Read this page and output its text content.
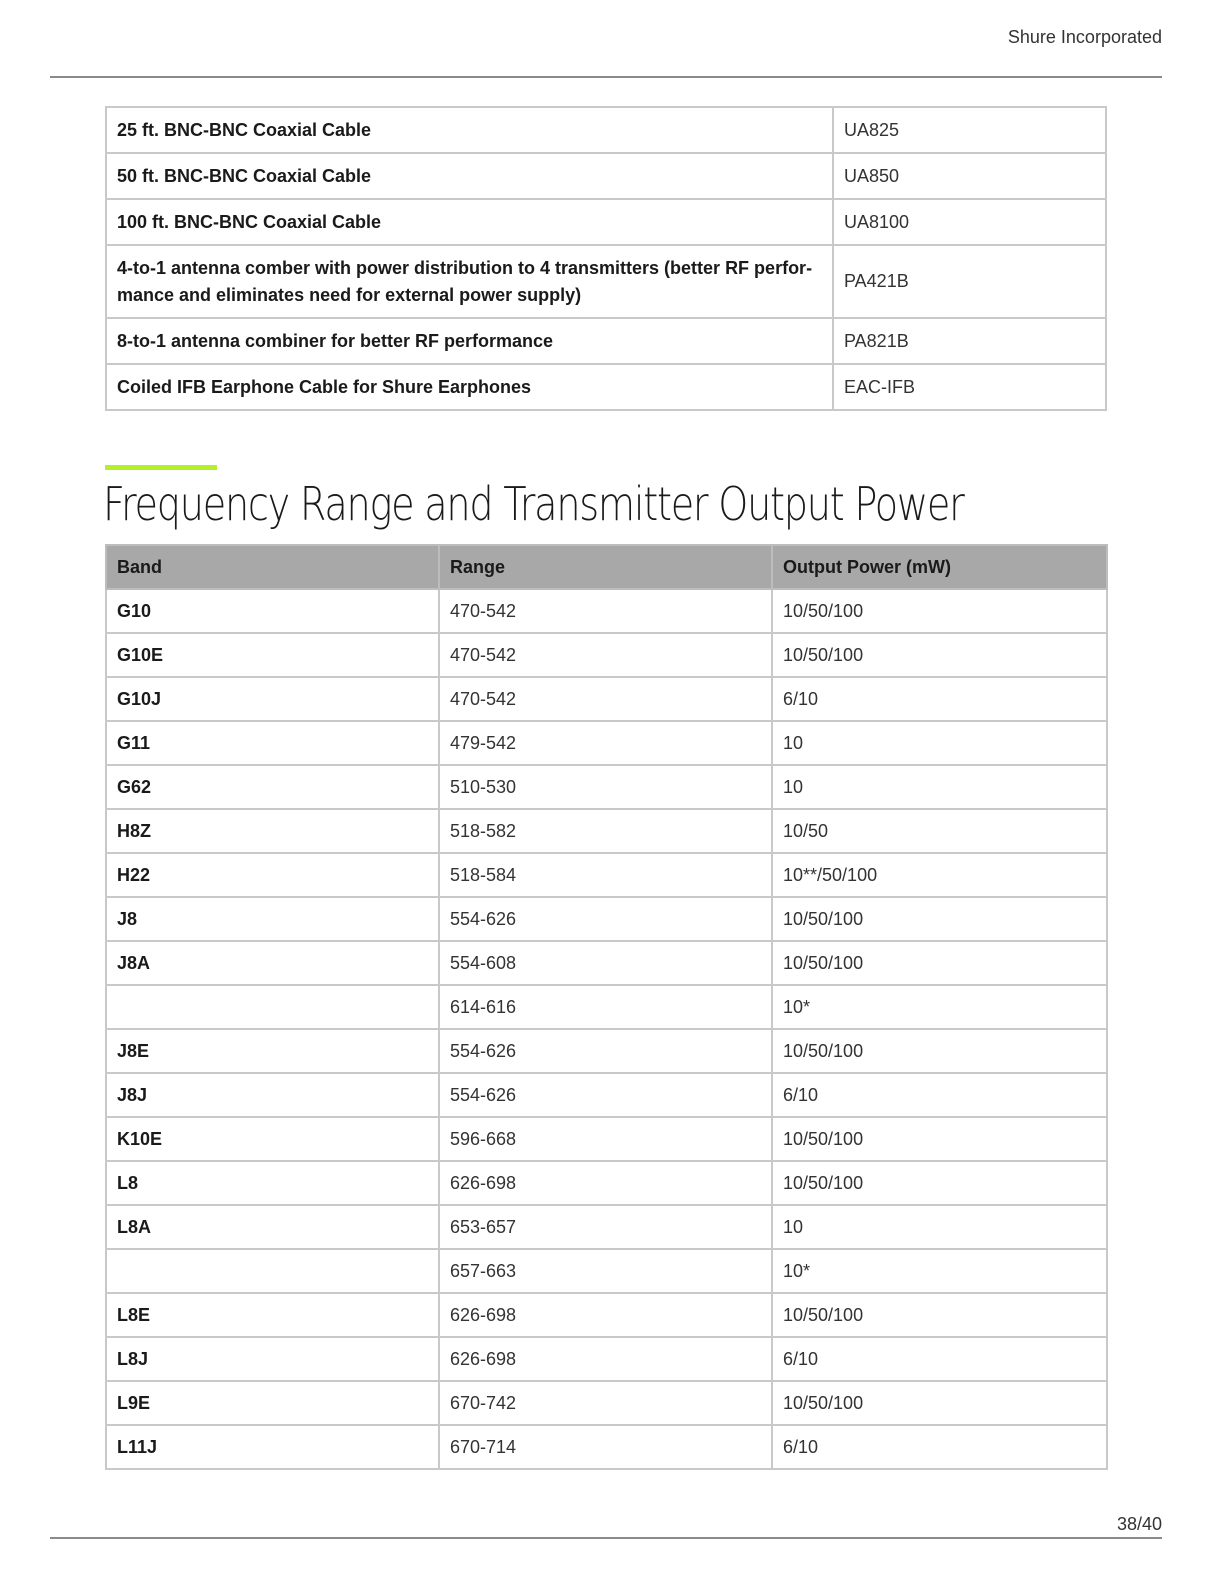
Shure Incorporated
25 ft. BNC-BNC Coaxial Cable	UA825
50 ft. BNC-BNC Coaxial Cable	UA850
100 ft. BNC-BNC Coaxial Cable	UA8100
4-to-1 antenna comber with power distribution to 4 transmitters (better RF perfor-mance and eliminates need for external power supply)	PA421B
8-to-1 antenna combiner for better RF performance	PA821B
Coiled IFB Earphone Cable for Shure Earphones	EAC-IFB
Frequency Range and Transmitter Output Power
Band	Range	Output Power (mW)
G10	470-542	10/50/100
G10E	470-542	10/50/100
G10J	470-542	6/10
G11	479-542	10
G62	510-530	10
H8Z	518-582	10/50
H22	518-584	10**/50/100
J8	554-626	10/50/100
J8A	554-608	10/50/100
	614-616	10*
J8E	554-626	10/50/100
J8J	554-626	6/10
K10E	596-668	10/50/100
L8	626-698	10/50/100
L8A	653-657	10
	657-663	10*
L8E	626-698	10/50/100
L8J	626-698	6/10
L9E	670-742	10/50/100
L11J	670-714	6/10
38/40
